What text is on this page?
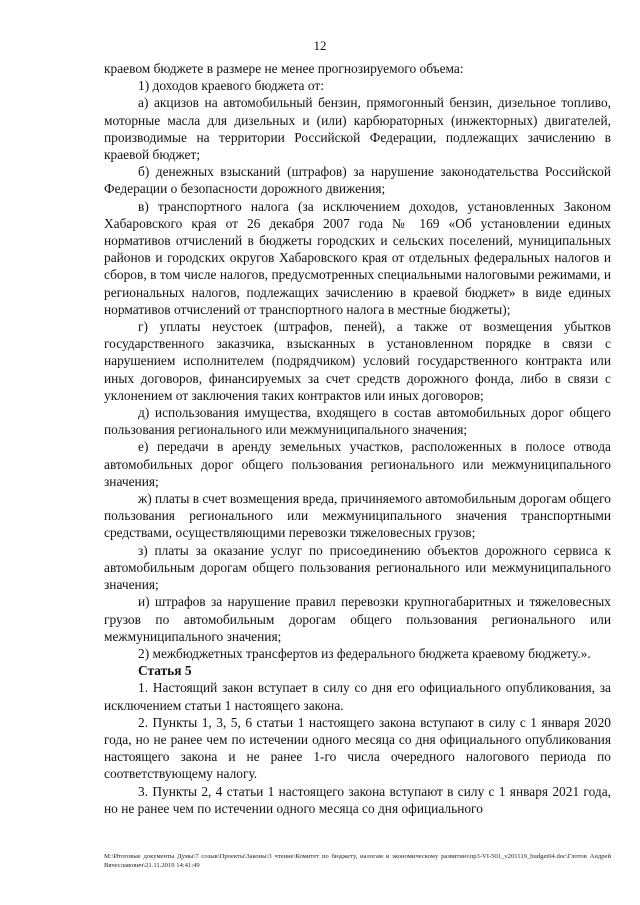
12

краевом бюджете в размере не менее прогнозируемого объема:

1) доходов краевого бюджета от:

а) акцизов на автомобильный бензин, прямогонный бензин, дизельное топливо, моторные масла для дизельных и (или) карбюраторных (инжекторных) двигателей, производимые на территории Российской Федерации, подлежащих зачислению в краевой бюджет;

б) денежных взысканий (штрафов) за нарушение законодательства Российской Федерации о безопасности дорожного движения;

в) транспортного налога (за исключением доходов, установленных Законом Хабаровского края от 26 декабря 2007 года № 169 «Об установлении единых нормативов отчислений в бюджеты городских и сельских поселений, муниципальных районов и городских округов Хабаровского края от отдельных федеральных налогов и сборов, в том числе налогов, предусмотренных специальными налоговыми режимами, и региональных налогов, подлежащих зачислению в краевой бюджет» в виде единых нормативов отчислений от транспортного налога в местные бюджеты);

г) уплаты неустоек (штрафов, пеней), а также от возмещения убытков государственного заказчика, взысканных в установленном порядке в связи с нарушением исполнителем (подрядчиком) условий государственного контракта или иных договоров, финансируемых за счет средств дорожного фонда, либо в связи с уклонением от заключения таких контрактов или иных договоров;

д) использования имущества, входящего в состав автомобильных дорог общего пользования регионального или межмуниципального значения;

е) передачи в аренду земельных участков, расположенных в полосе отвода автомобильных дорог общего пользования регионального или межмуниципального значения;

ж) платы в счет возмещения вреда, причиняемого автомобильным дорогам общего пользования регионального или межмуниципального значения транспортными средствами, осуществляющими перевозки тяжеловесных грузов;

з) платы за оказание услуг по присоединению объектов дорожного сервиса к автомобильным дорогам общего пользования регионального или межмуниципального значения;

и) штрафов за нарушение правил перевозки крупногабаритных и тяжеловесных грузов по автомобильным дорогам общего пользования регионального или межмуниципального значения;

2) межбюджетных трансфертов из федерального бюджета краевому бюджету.».

Статья 5

1. Настоящий закон вступает в силу со дня его официального опубликования, за исключением статьи 1 настоящего закона.

2. Пункты 1, 3, 5, 6 статьи 1 настоящего закона вступают в силу с 1 января 2020 года, но не ранее чем по истечении одного месяца со дня официального опубликования настоящего закона и не ранее 1-го числа очередного налогового периода по соответствующему налогу.

3. Пункты 2, 4 статьи 1 настоящего закона вступают в силу с 1 января 2021 года, но не ранее чем по истечении одного месяца со дня официального

M:\Итоговые документы Думы\7 созыв\Проекты\Законы\3 чтение\Комитет по бюджету, налогам и экономическому развитию\пр3-VI-501_v201119_budget04.doc\Глотов Андрей Вячеславович\21.11.2019 14:41:49
